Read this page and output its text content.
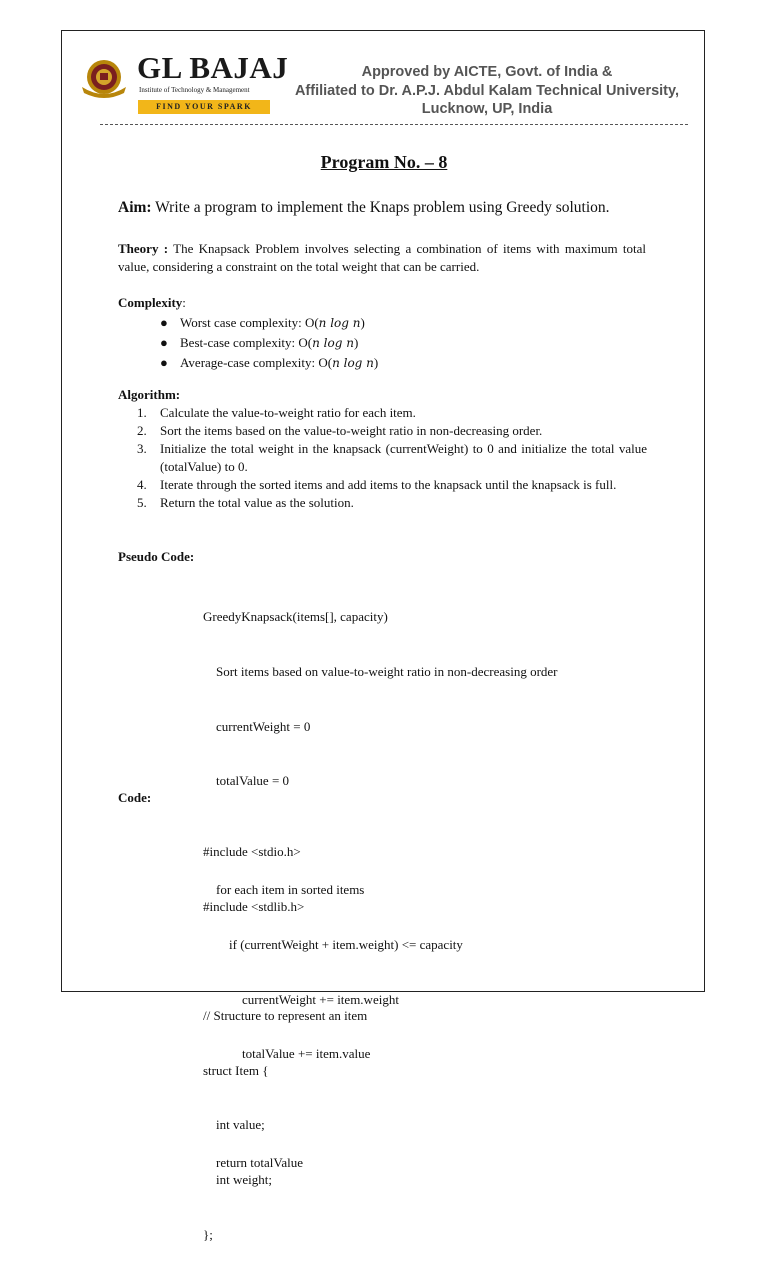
GL BAJAJ
Institute of Technology & Management
FIND YOUR SPARK
Approved by AICTE, Govt. of India &
Affiliated to Dr. A.P.J. Abdul Kalam Technical University,
Lucknow, UP, India
Program No. – 8
Aim: Write a program to implement the Knaps problem using Greedy solution.
Theory : The Knapsack Problem involves selecting a combination of items with maximum total value, considering a constraint on the total weight that can be carried.
Complexity:
● Worst case complexity: O(n log n)
● Best-case complexity: O(n log n)
● Average-case complexity: O(n log n)
Algorithm:
1. Calculate the value-to-weight ratio for each item.
2. Sort the items based on the value-to-weight ratio in non-decreasing order.
3. Initialize the total weight in the knapsack (currentWeight) to 0 and initialize the total value (totalValue) to 0.
4. Iterate through the sorted items and add items to the knapsack until the knapsack is full.
5. Return the total value as the solution.
Pseudo Code:

GreedyKnapsack(items[], capacity)

Sort items based on value-to-weight ratio in non-decreasing order

currentWeight = 0

totalValue = 0

for each item in sorted items

if (currentWeight + item.weight) <= capacity

currentWeight += item.weight

totalValue += item.value

return totalValue

Code:

#include <stdio.h>

#include <stdlib.h>

// Structure to represent an item

struct Item {

int value;

int weight;

};
